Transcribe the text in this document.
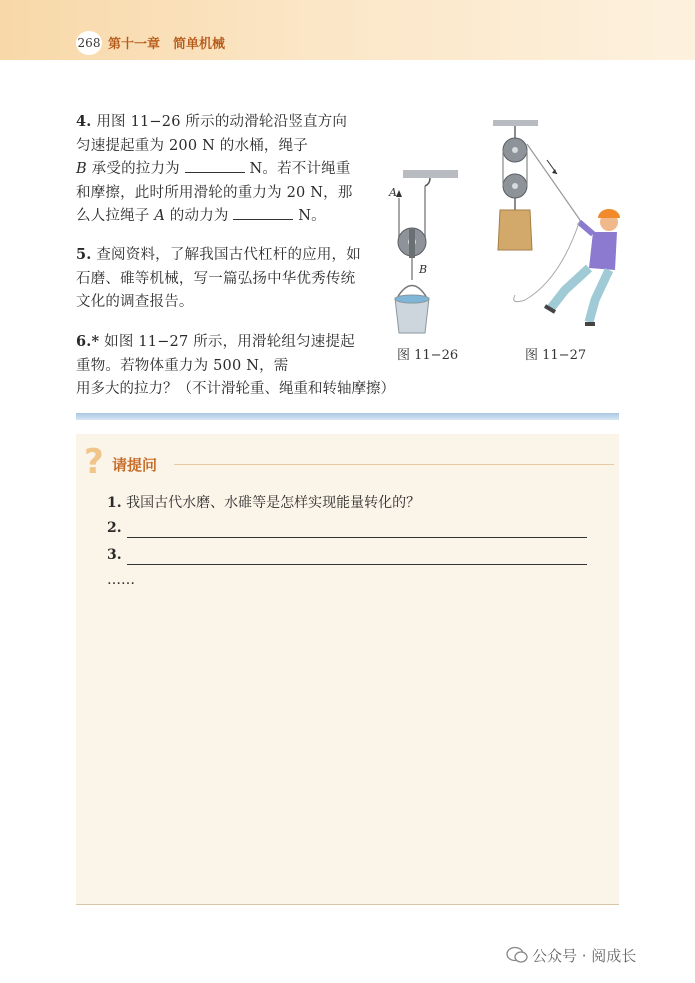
268 第十一章　简单机械
4. 用图 11−26 所示的动滑轮沿竖直方向匀速提起重为 200 N 的水桶，绳子
B 承受的拉力为	N。若不计绳重和摩擦，此时所用滑轮的重力为 20 N，那么人拉绳子 A 的动力为	N。
5. 查阅资料，了解我国古代杠杆的应用，如石磨、碓等机械，写一篇弘扬中华优秀传统文化的调查报告。
6.* 如图 11−27 所示，用滑轮组匀速提起重物。若物体重力为 500 N，需
用多大的拉力？（不计滑轮重、绳重和转轴摩擦）
A
B
图 11−26	图 11−27
? 请提问
1. 我国古代水磨、水碓等是怎样实现能量转化的？
2.
3.
……
公众号 · 阅成长
